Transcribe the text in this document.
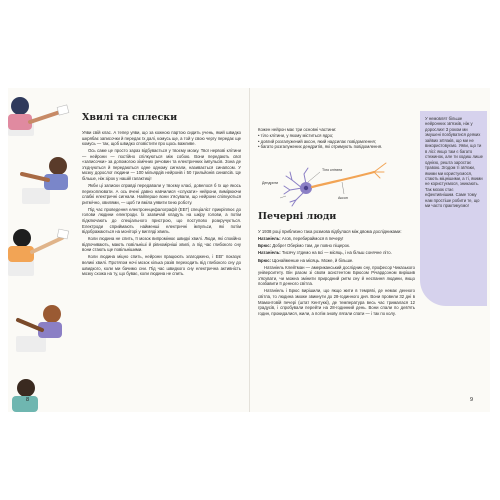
Хвилі та сплески

Уяви свій клас. А тепер уяви, що за кожною партою сидить учень, який швидко шкрябає записочки й передає їх далі, комусь ще, а той у свою чергу передає ще комусь — так, щоб швидко сповістити про щось важливе.

Ось саме це просто зараз відбувається у твоєму мозку. Твої нервові клітини — нейрони — постійно спілкуються між собою. Вони передають свої «записочки» за допомогою хімічних речовин та електричних імпульсів. Зона де з'єднуються й передаються одне одному сигнали, називається синапсом. У мозку дорослої людини — 100 мільярдів нейронів і 50 трильйонів синапсів. Це більше, ніж зірок у нашій галактиці!

Якби ці записки справді передавали у твоєму класі, довелося б їх ще якось перехоплювати. А ось вчені давно навчилися «слухати» нейрони, вимірюючи слабкі електричні сигнали. Найперше вони з'ясували, що нейрони спілкуються ритмічно, хвилями, — щоб ти вміла уявити їхню роботу.

Під час проведення електроенцефалографії (ЕЕГ) спеціаліст прикріплює до голови людини електроди. Їх зазвичай кладуть на шкіру голови, а потім підключають до спеціального пристрою, що поступово розкручується. Електроди сприймають найменші електричні імпульси, які потім відображаються на моніторі у вигляді хвиль.

Коли людина не спить, її мозок випромінює швидкі хвилі. Люди, які спокійно відпочивають, мають повільніші й рівномірніші хвилі, а під час глибокого сну вони стають ще повільнішими.

Коли людина міцно спить, нейрони працюють злагоджено, і ЕЕГ показує великі хвилі. Протягом ночі мозок кілька разів переходить від глибокого сну до швидкого, коли ми бачимо сни. Під час швидкого сну електрична активність мозку схожа на ту, що буває, коли людина не спить.

8

Кожен нейрон має три основні частини:

• тіло клітини, у якому міститься ядро;

• довгий розгалужений аксон, який надсилає повідомлення;

• багато розгалужених дендритів, які отримують повідомлення.

Дендрити
Тіло клітини
Аксон
Печерні люди

У 1938 році приблизно така розмова відбулася між двома дослідниками:

Натаніель: Агов, перебираймося в печеру!

Брюс: Добре! Оберімо там, де повно піщерок.

Натаніель: Тисячу з'їдемо на всі — місяць, і на більш сонячне літо.

Брюс: Щонайменше на місяць. Може, й більше.

Натаніель Клейтман — американський дослідник сну, професор Чиказького університету. Він разом зі своїм асистентом Брюсом Річардсоном вирішив з'ясувати, чи можна змінити природний ритм сну й неспання людини, якщо позбавити її денного світла.

Натаніель і Брюс вирішили, що якщо жити в темряві, де немає денного світла, то людина зможе звикнути до 28-годинного дня. Вони провели 32 дні в Мамонтовій печері (штат Кентуккі), де температура весь час трималася 12 градусів, і спробували перейти на 28-годинний день. Вони спали по дев'ять годин, прокидалися, жили, а потім знову лягали спати — і так по колу.

У немовлят більше нейронних зв'язків, ніж у дорослих! З роком ми змушені позбуватися деяких зайвих зв'язків, що ми не використовуємо. Уяви, що ти в лісі: якщо там є багато стежинок, але ти ходиш лише однією, решта заростає травою. Згодом ті зв'язки, якими ми користуємося, стають міцнішими, а ті, якими не користуємося, зникають. Так мозок стає ефективнішим. Саме тому нам простіше робити те, що ми часто практикуємо!
9
